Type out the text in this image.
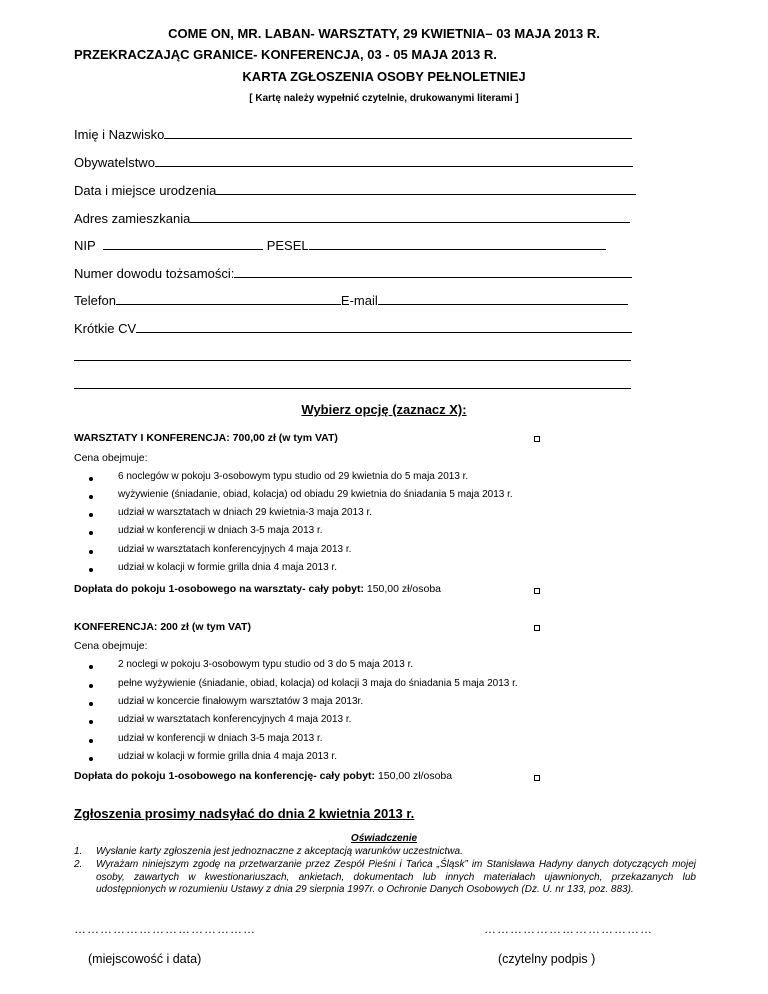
COME ON, MR. LABAN- WARSZTATY, 29 KWIETNIA– 03 MAJA 2013 R.
PRZEKRACZAJĄC GRANICE- KONFERENCJA, 03 - 05 MAJA 2013 R.
KARTA ZGŁOSZENIA OSOBY PEŁNOLETNIEJ
[ Kartę należy wypełnić czytelnie, drukowanymi literami ]
Imię i Nazwisko
Obywatelstwo
Data i miejsce urodzenia
Adres zamieszkania
NIP	PESEL
Numer dowodu tożsamości:
Telefon	E-mail
Krótkie CV
Wybierz opcję (zaznacz X):
WARSZTATY I KONFERENCJA: 700,00 zł (w tym VAT)
Cena obejmuje:
6 noclegów w pokoju 3-osobowym typu studio od 29 kwietnia do 5 maja 2013 r.
wyżywienie (śniadanie, obiad, kolacja) od obiadu 29 kwietnia do śniadania 5 maja 2013 r.
udział w warsztatach w dniach 29 kwietnia-3 maja 2013 r.
udział w konferencji w dniach 3-5 maja 2013 r.
udział w warsztatach konferencyjnych 4 maja 2013 r.
udział w kolacji w formie grilla dnia 4 maja 2013 r.
Dopłata do pokoju 1-osobowego na warsztaty- cały pobyt: 150,00 zł/osoba
KONFERENCJA: 200 zł (w tym VAT)
Cena obejmuje:
2 noclegi w pokoju 3-osobowym typu studio od 3 do 5 maja 2013 r.
pełne wyżywienie (śniadanie, obiad, kolacja) od kolacji 3 maja do śniadania 5 maja 2013 r.
udział w koncercie finałowym warsztatów 3 maja 2013r.
udział w warsztatach konferencyjnych 4 maja 2013 r.
udział w konferencji w dniach 3-5 maja 2013 r.
udział w kolacji w formie grilla dnia 4 maja 2013 r.
Dopłata do pokoju 1-osobowego na konferencję- cały pobyt: 150,00 zł/osoba
Zgłoszenia prosimy nadsyłać do dnia 2 kwietnia 2013 r.
Oświadczenie
1. Wysłanie karty zgłoszenia jest jednoznaczne z akceptacją warunków uczestnictwa.
2. Wyrażam niniejszym zgodę na przetwarzanie przez Zespół Pieśni i Tańca „Śląsk” im Stanisława Hadyny danych dotyczących mojej osoby, zawartych w kwestionariuszach, ankietach, dokumentach lub innych materiałach ujawnionych, przekazanych lub udostępnionych w rozumieniu Ustawy z dnia 29 sierpnia 1997r. o Ochronie Danych Osobowych (Dz. U. nr 133, poz. 883).
……………………………………	…………………………………
(miejscowość i data)	(czytelny podpis )
